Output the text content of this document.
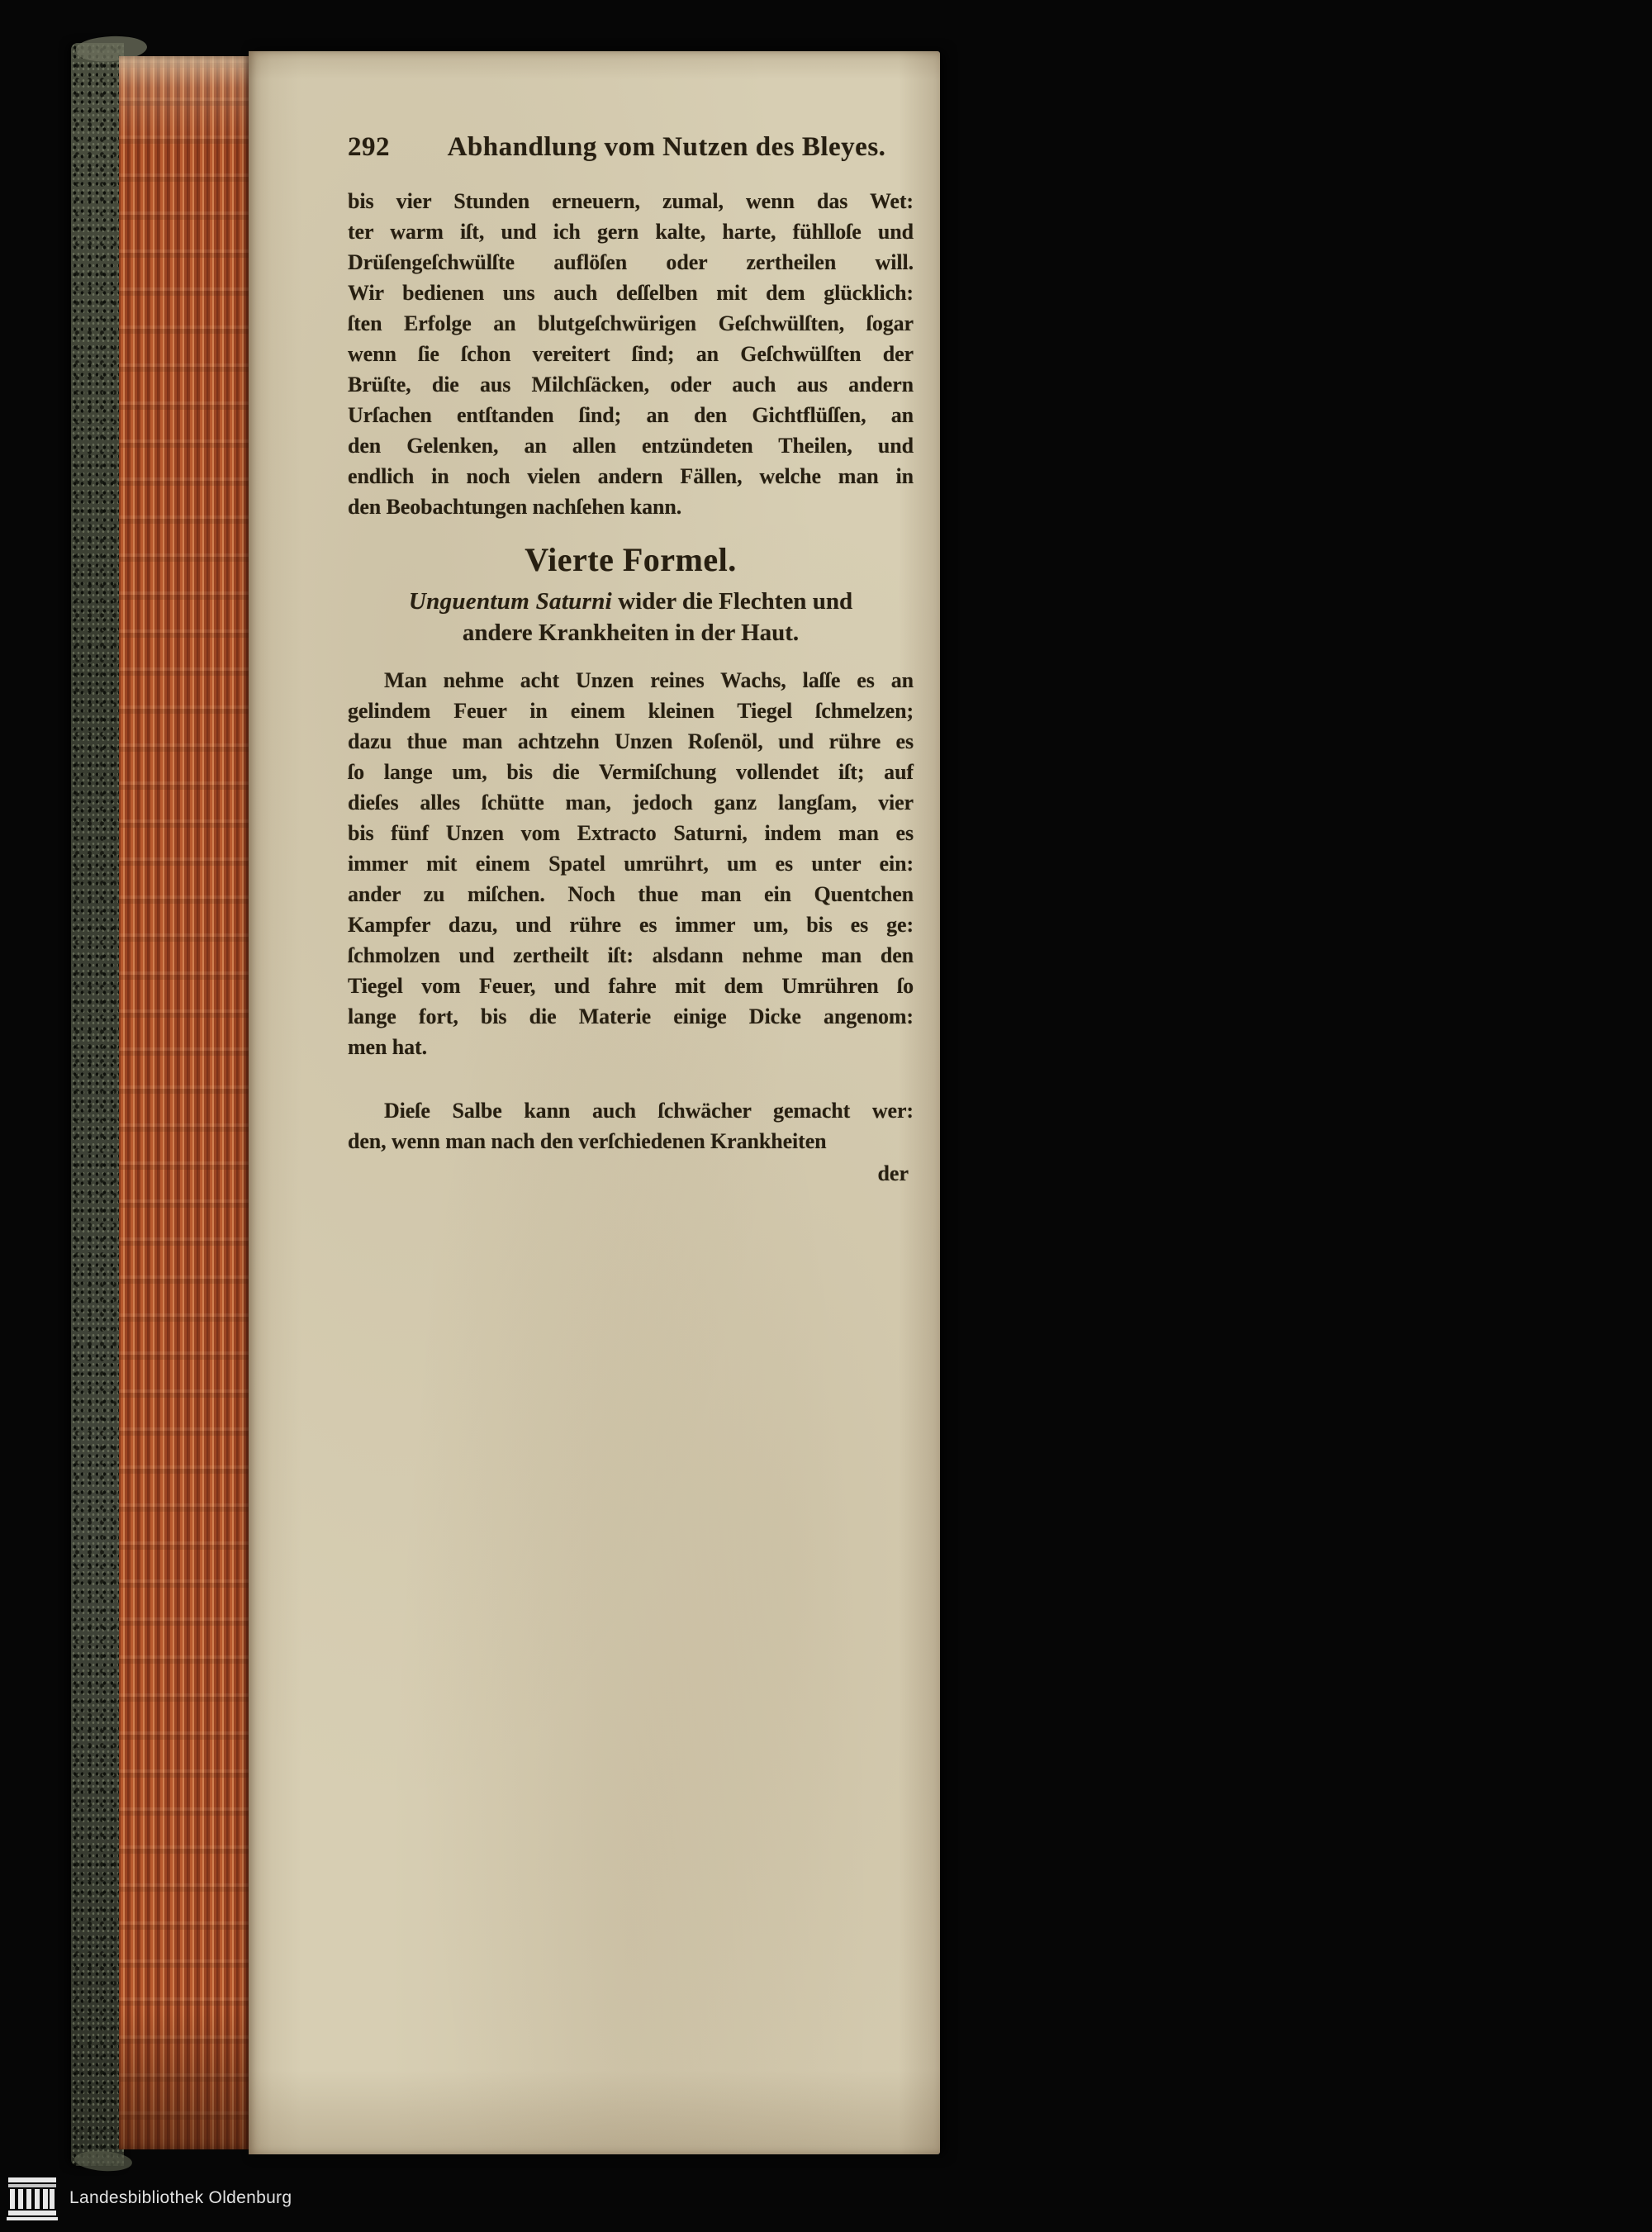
292	Abhandlung vom Nutzen des Bleyes.
bis vier Stunden erneuern, zumal, wenn das Wet:
ter warm iſt, und ich gern kalte, harte, fühlloſe und
Drüſengeſchwülſte auflöſen oder zertheilen will.
Wir bedienen uns auch deſſelben mit dem glücklich:
ſten Erfolge an blutgeſchwürigen Geſchwülſten, ſogar
wenn ſie ſchon vereitert ſind; an Geſchwülſten der
Brüſte, die aus Milchſäcken, oder auch aus andern
Urſachen entſtanden ſind; an den Gichtflüſſen, an
den Gelenken, an allen entzündeten Theilen, und
endlich in noch vielen andern Fällen, welche man in
den Beobachtungen nachſehen kann.
Vierte Formel.
Unguentum Saturni wider die Flechten und
andere Krankheiten in der Haut.
Man nehme acht Unzen reines Wachs, laſſe es an
gelindem Feuer in einem kleinen Tiegel ſchmelzen;
dazu thue man achtzehn Unzen Roſenöl, und rühre es
ſo lange um, bis die Vermiſchung vollendet iſt; auf
dieſes alles ſchütte man, jedoch ganz langſam, vier
bis fünf Unzen vom Extracto Saturni, indem man es
immer mit einem Spatel umrührt, um es unter ein:
ander zu miſchen. Noch thue man ein Quentchen
Kampfer dazu, und rühre es immer um, bis es ge:
ſchmolzen und zertheilt iſt: alsdann nehme man den
Tiegel vom Feuer, und fahre mit dem Umrühren ſo
lange fort, bis die Materie einige Dicke angenom:
men hat.
Dieſe Salbe kann auch ſchwächer gemacht wer:
den, wenn man nach den verſchiedenen Krankheiten
der
Landesbibliothek Oldenburg
